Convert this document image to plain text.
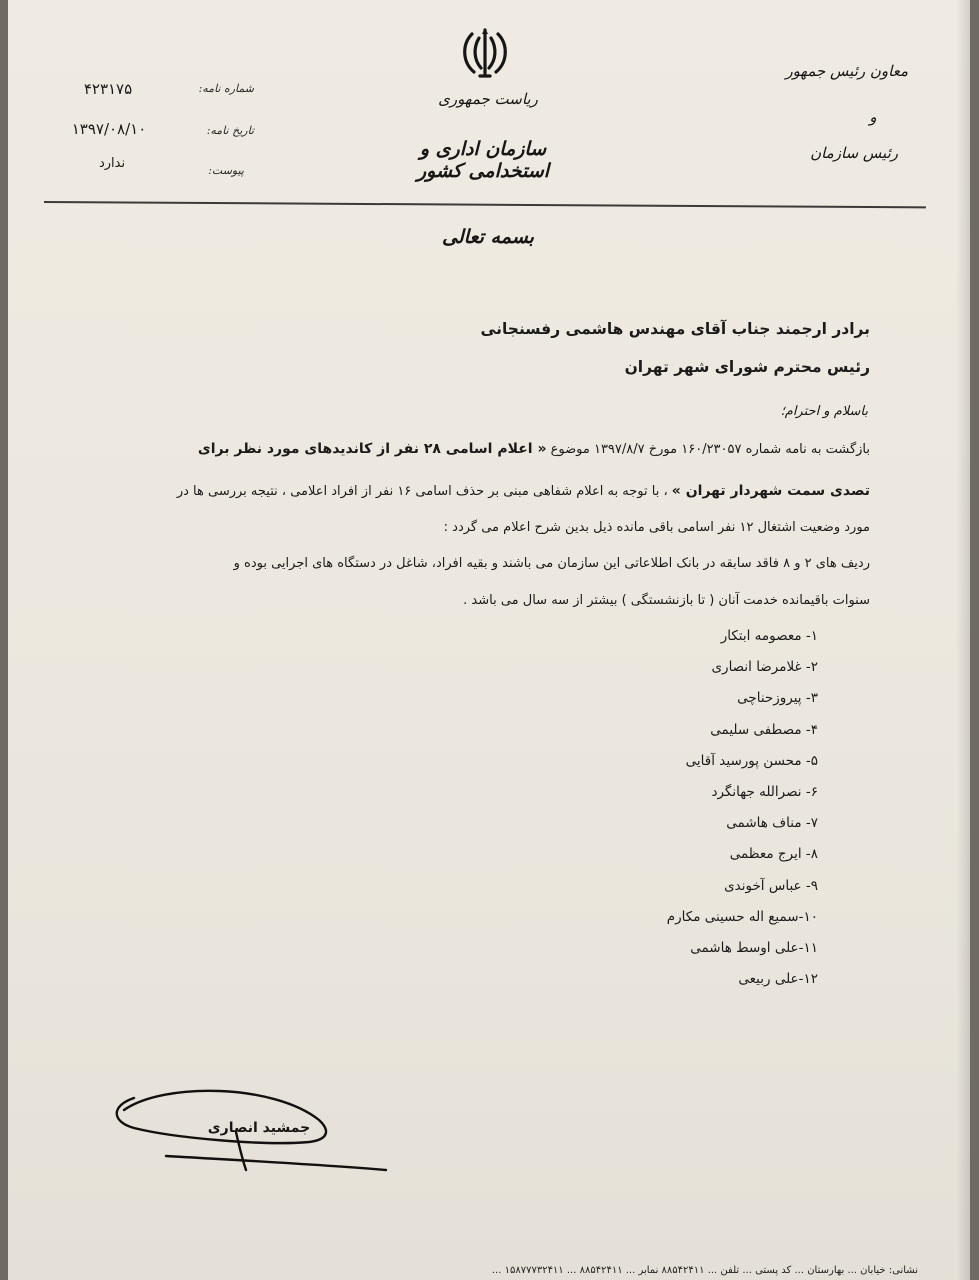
ریاست جمهوری
سازمان اداری و استخدامی کشور
معاون رئیس جمهور
و
رئیس سازمان
۴۲۳۱۷۵	شماره نامه:
۱۳۹۷/۰۸/۱۰	تاریخ نامه:
ندارد	پیوست:
بسمه تعالی
برادر ارجمند جناب آقای مهندس هاشمی رفسنجانی
رئیس محترم شورای شهر تهران
باسلام و احترام؛
بازگشت به نامه شماره ۱۶۰/۲۳۰۵۷ مورخ ۱۳۹۷/۸/۷ موضوع « اعلام اسامی ۲۸ نفر از کاندیدهای مورد نظر برای
تصدی سمت شهردار تهران » ، با توجه به اعلام شفاهی مبنی بر حذف اسامی ۱۶ نفر از افراد اعلامی ، نتیجه بررسی ها در
مورد وضعیت اشتغال ۱۲ نفر اسامی باقی مانده ذیل بدین شرح اعلام می گردد :
ردیف های ۲ و ۸ فاقد سابقه در بانک اطلاعاتی این سازمان می باشند و بقیه افراد، شاغل در دستگاه های اجرایی بوده و
سنوات باقیمانده خدمت آنان ( تا بازنشستگی ) بیشتر از سه سال می باشد .
۱- معصومه ابتکار
۲- غلامرضا انصاری
۳- پیروزحناچی
۴- مصطفی سلیمی
۵- محسن پورسید آقایی
۶- نصرالله جهانگرد
۷- مناف هاشمی
۸- ایرج معظمی
۹- عباس آخوندی
۱۰-سمیع اله حسینی مکارم
۱۱-علی اوسط هاشمی
۱۲-علی ربیعی
جمشید انصاری
نشانی: خیابان ... بهارستان ... کد پستی ... تلفن ... ۸۸۵۴۲۴۱۱ نمابر ... ۸۸۵۴۲۴۱۱ ... ۱۵۸۷۷۷۳۲۴۱۱ ...
